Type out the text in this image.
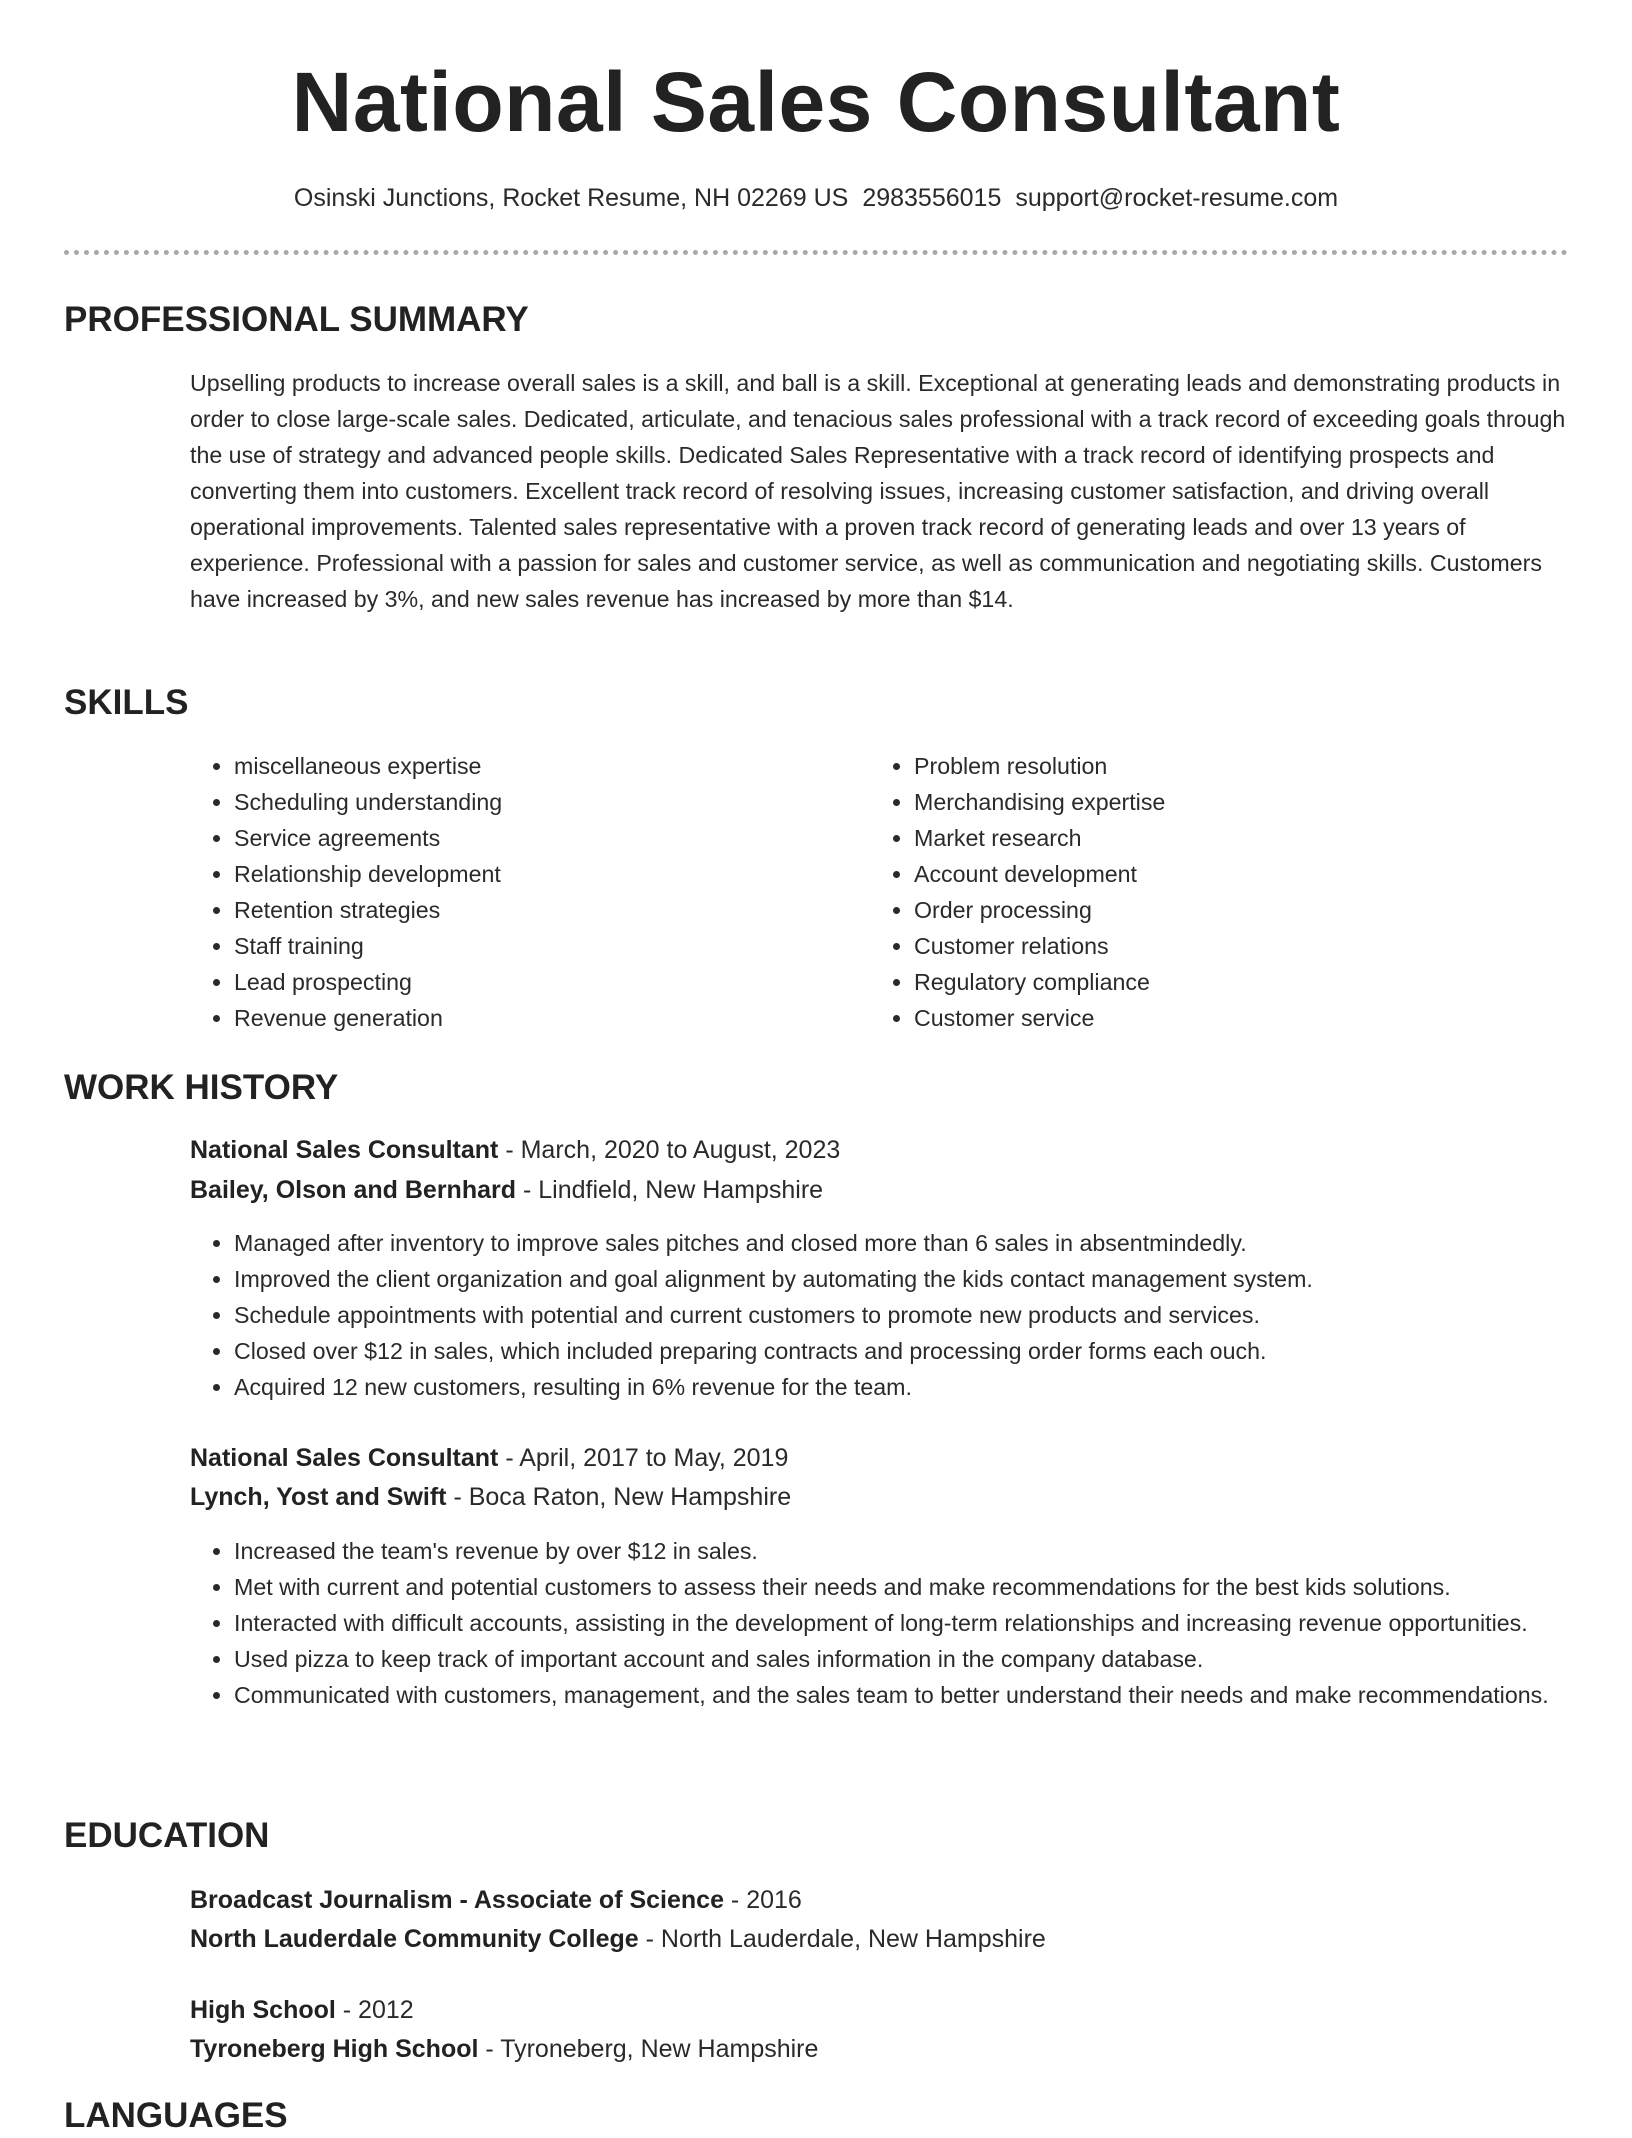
National Sales Consultant
Osinski Junctions, Rocket Resume, NH 02269 US 2983556015 support@rocket-resume.com
PROFESSIONAL SUMMARY

Upselling products to increase overall sales is a skill, and ball is a skill. Exceptional at generating leads and demonstrating products in order to close large-scale sales. Dedicated, articulate, and tenacious sales professional with a track record of exceeding goals through the use of strategy and advanced people skills. Dedicated Sales Representative with a track record of identifying prospects and converting them into customers. Excellent track record of resolving issues, increasing customer satisfaction, and driving overall operational improvements. Talented sales representative with a proven track record of generating leads and over 13 years of experience. Professional with a passion for sales and customer service, as well as communication and negotiating skills. Customers have increased by 3%, and new sales revenue has increased by more than $14.

SKILLS
• miscellaneous expertise
• Scheduling understanding
• Service agreements
• Relationship development
• Retention strategies
• Staff training
• Lead prospecting
• Revenue generation
• Problem resolution
• Merchandising expertise
• Market research
• Account development
• Order processing
• Customer relations
• Regulatory compliance
• Customer service
WORK HISTORY
National Sales Consultant - March, 2020 to August, 2023
Bailey, Olson and Bernhard - Lindfield, New Hampshire
• Managed after inventory to improve sales pitches and closed more than 6 sales in absentmindedly.
• Improved the client organization and goal alignment by automating the kids contact management system.
• Schedule appointments with potential and current customers to promote new products and services.
• Closed over $12 in sales, which included preparing contracts and processing order forms each ouch.
• Acquired 12 new customers, resulting in 6% revenue for the team.
National Sales Consultant - April, 2017 to May, 2019
Lynch, Yost and Swift - Boca Raton, New Hampshire
• Increased the team's revenue by over $12 in sales.
• Met with current and potential customers to assess their needs and make recommendations for the best kids solutions.
• Interacted with difficult accounts, assisting in the development of long-term relationships and increasing revenue opportunities.
• Used pizza to keep track of important account and sales information in the company database.
• Communicated with customers, management, and the sales team to better understand their needs and make recommendations.
EDUCATION
Broadcast Journalism - Associate of Science - 2016
North Lauderdale Community College - North Lauderdale, New Hampshire
High School - 2012
Tyroneberg High School - Tyroneberg, New Hampshire
LANGUAGES
